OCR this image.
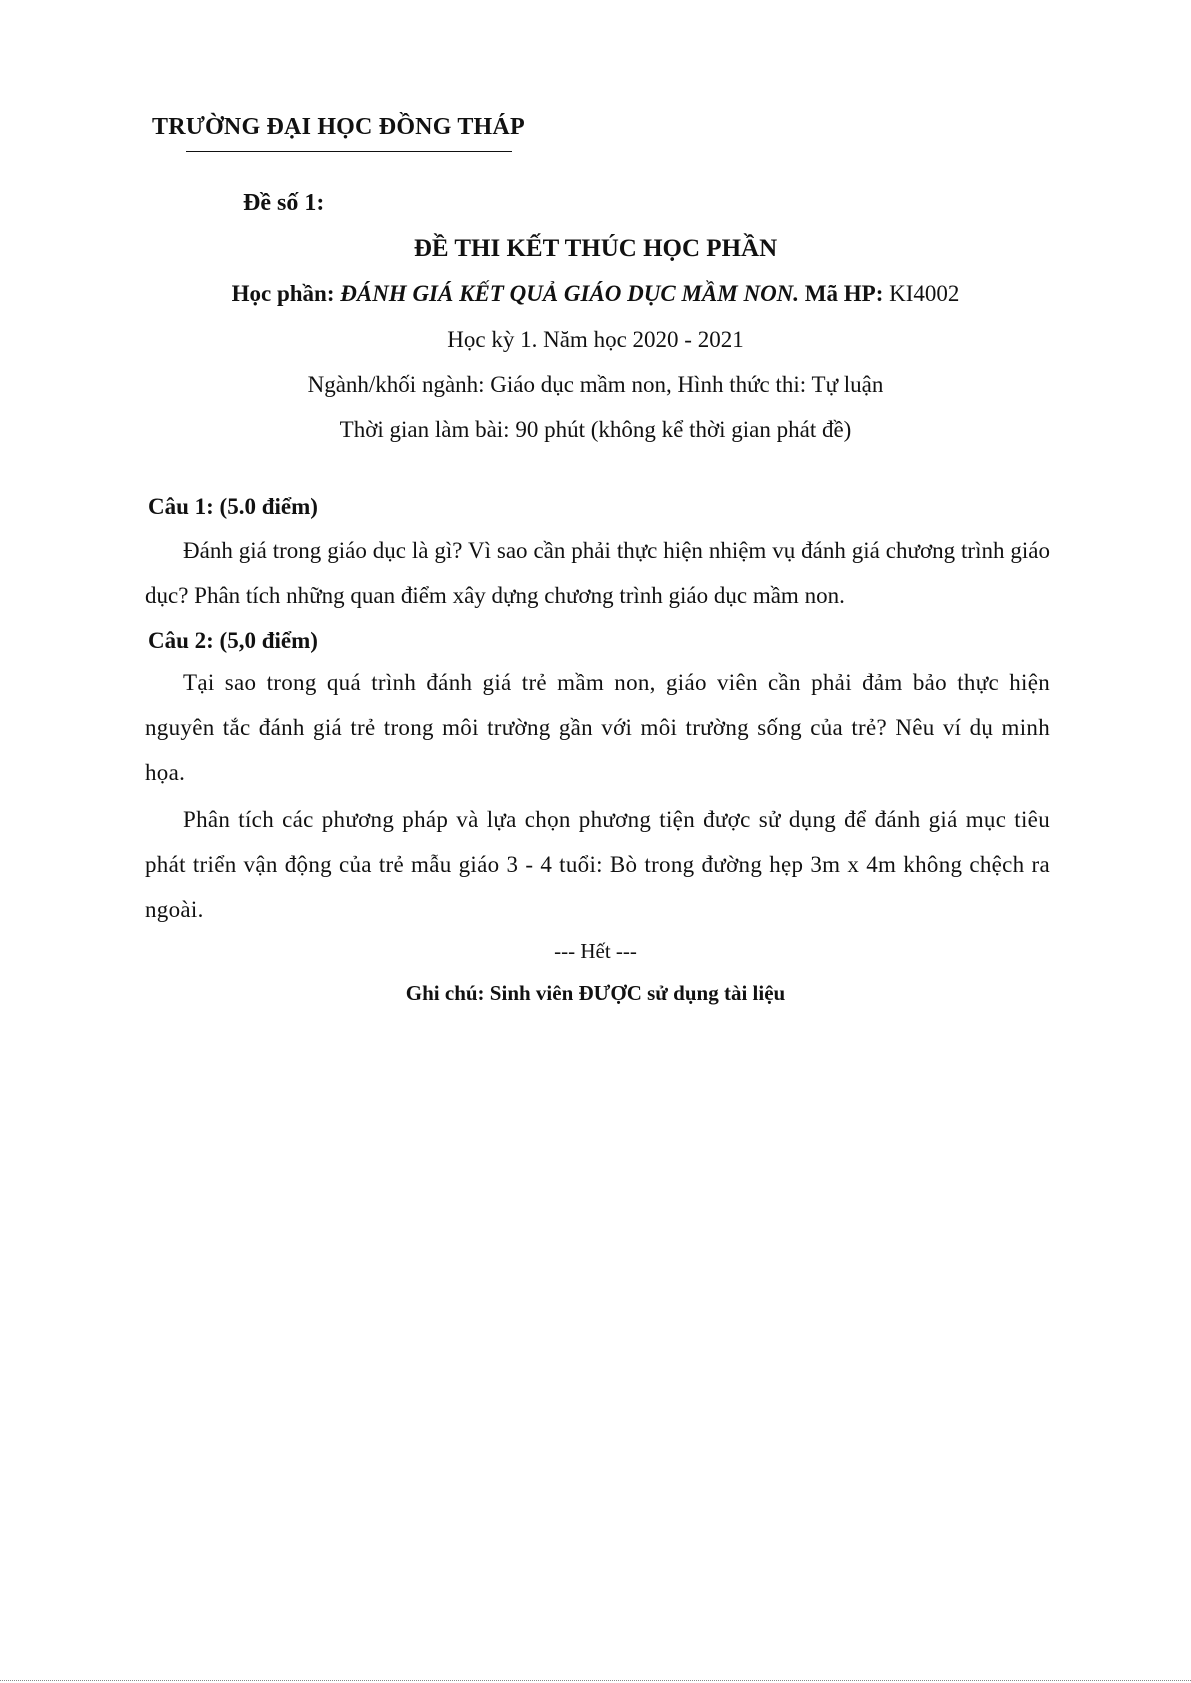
TRƯỜNG ĐẠI HỌC ĐỒNG THÁP
Đề số 1:
ĐỀ THI KẾT THÚC HỌC PHẦN
Học phần: ĐÁNH GIÁ KẾT QUẢ GIÁO DỤC MẦM NON. Mã HP: KI4002
Học kỳ 1. Năm học 2020 - 2021
Ngành/khối ngành: Giáo dục mầm non, Hình thức thi: Tự luận
Thời gian làm bài: 90 phút (không kể thời gian phát đề)
Câu 1: (5.0 điểm)
Đánh giá trong giáo dục là gì? Vì sao cần phải thực hiện nhiệm vụ đánh giá chương trình giáo dục? Phân tích những quan điểm xây dựng chương trình giáo dục mầm non.
Câu 2: (5,0 điểm)
Tại sao trong quá trình đánh giá trẻ mầm non, giáo viên cần phải đảm bảo thực hiện nguyên tắc đánh giá trẻ trong môi trường gần với môi trường sống của trẻ? Nêu ví dụ minh họa.
Phân tích các phương pháp và lựa chọn phương tiện được sử dụng để đánh giá mục tiêu phát triển vận động của trẻ mẫu giáo 3 - 4 tuổi: Bò trong đường hẹp 3m x 4m không chệch ra ngoài.
--- Hết ---
Ghi chú: Sinh viên ĐƯỢC sử dụng tài liệu
